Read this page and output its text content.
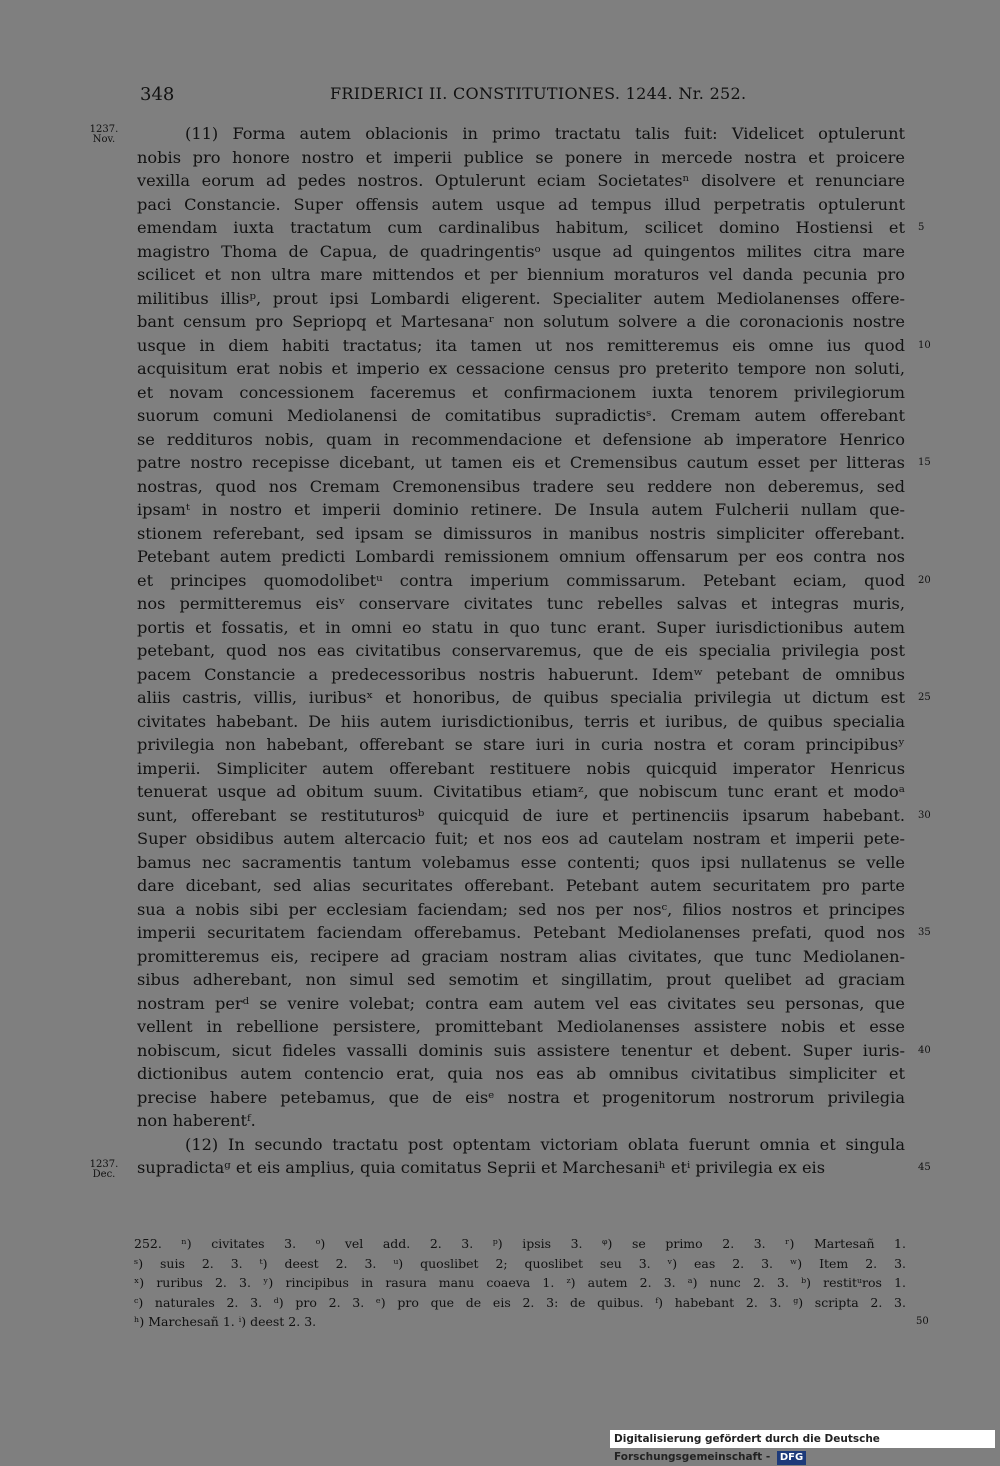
348	FRIDERICI II. CONSTITUTIONES. 1244. Nr. 252.
1237.
Nov.
1237.
Dec.
(11) Forma autem oblacionis in primo tractatu talis fuit: Videlicet optulerunt
nobis pro honore nostro et imperii publice se ponere in mercede nostra et proicere
vexilla eorum ad pedes nostros. Optulerunt eciam Societatesⁿ disolvere et renunciare
paci Constancie. Super offensis autem usque ad tempus illud perpetratis optulerunt
emendam iuxta tractatum cum cardinalibus habitum, scilicet domino Hostiensi et
magistro Thoma de Capua, de quadringentisᵒ usque ad quingentos milites citra mare
scilicet et non ultra mare mittendos et per biennium moraturos vel danda pecunia pro
militibus illisᵖ, prout ipsi Lombardi eligerent. Specialiter autem Mediolanenses offere-
bant censum pro Sepriopq et Martesanaʳ non solutum solvere a die coronacionis nostre
usque in diem habiti tractatus; ita tamen ut nos remitteremus eis omne ius quod
acquisitum erat nobis et imperio ex cessacione census pro preterito tempore non soluti,
et novam concessionem faceremus et confirmacionem iuxta tenorem privilegiorum
suorum comuni Mediolanensi de comitatibus supradictisˢ. Cremam autem offerebant
se reddituros nobis, quam in recommendacione et defensione ab imperatore Henrico
patre nostro recepisse dicebant, ut tamen eis et Cremensibus cautum esset per litteras
nostras, quod nos Cremam Cremonensibus tradere seu reddere non deberemus, sed
ipsamᵗ in nostro et imperii dominio retinere. De Insula autem Fulcherii nullam que-
stionem referebant, sed ipsam se dimissuros in manibus nostris simpliciter offerebant.
Petebant autem predicti Lombardi remissionem omnium offensarum per eos contra nos
et principes quomodolibetᵘ contra imperium commissarum. Petebant eciam, quod
nos permitteremus eisᵛ conservare civitates tunc rebelles salvas et integras muris,
portis et fossatis, et in omni eo statu in quo tunc erant. Super iurisdictionibus autem
petebant, quod nos eas civitatibus conservaremus, que de eis specialia privilegia post
pacem Constancie a predecessoribus nostris habuerunt. Idemʷ petebant de omnibus
aliis castris, villis, iuribusˣ et honoribus, de quibus specialia privilegia ut dictum est
civitates habebant. De hiis autem iurisdictionibus, terris et iuribus, de quibus specialia
privilegia non habebant, offerebant se stare iuri in curia nostra et coram principibusʸ
imperii. Simpliciter autem offerebant restituere nobis quicquid imperator Henricus
tenuerat usque ad obitum suum. Civitatibus etiamᶻ, que nobiscum tunc erant et modoᵃ
sunt, offerebant se restituturosᵇ quicquid de iure et pertinenciis ipsarum habebant.
Super obsidibus autem altercacio fuit; et nos eos ad cautelam nostram et imperii pete-
bamus nec sacramentis tantum volebamus esse contenti; quos ipsi nullatenus se velle
dare dicebant, sed alias securitates offerebant. Petebant autem securitatem pro parte
sua a nobis sibi per ecclesiam faciendam; sed nos per nosᶜ, filios nostros et principes
imperii securitatem faciendam offerebamus. Petebant Mediolanenses prefati, quod nos
promitteremus eis, recipere ad graciam nostram alias civitates, que tunc Mediolanen-
sibus adherebant, non simul sed semotim et singillatim, prout quelibet ad graciam
nostram perᵈ se venire volebat; contra eam autem vel eas civitates seu personas, que
vellent in rebellione persistere, promittebant Mediolanenses assistere nobis et esse
nobiscum, sicut fideles vassalli dominis suis assistere tenentur et debent. Super iuris-
dictionibus autem contencio erat, quia nos eas ab omnibus civitatibus simpliciter et
precise habere petebamus, que de eisᵉ nostra et progenitorum nostrorum privilegia
non haberentᶠ.
(12) In secundo tractatu post optentam victoriam oblata fuerunt omnia et singula
supradictaᵍ et eis amplius, quia comitatus Seprii et Marchesaniʰ etⁱ privilegia ex eis
5
10
15
20
25
30
35
40
45
252. ⁿ) civitates 3. ᵒ) vel add. 2. 3. ᵖ) ipsis 3. ᵠ) se primo 2. 3. ʳ) Martesañ 1.
ˢ) suis 2. 3. ᵗ) deest 2. 3. ᵘ) quoslibet 2; quoslibet seu 3. ᵛ) eas 2. 3. ʷ) Item 2. 3.
ˣ) ruribus 2. 3. ʸ) rincipibus in rasura manu coaeva 1. ᶻ) autem 2. 3. ᵃ) nunc 2. 3. ᵇ) restitᵘros 1.
ᶜ) naturales 2. 3. ᵈ) pro 2. 3. ᵉ) pro que de eis 2. 3: de quibus. ᶠ) habebant 2. 3. ᵍ) scripta 2. 3.
ʰ) Marchesañ 1. ⁱ) deest 2. 3.	50
Digitalisierung gefördert durch die Deutsche Forschungsgemeinschaft - DFG
